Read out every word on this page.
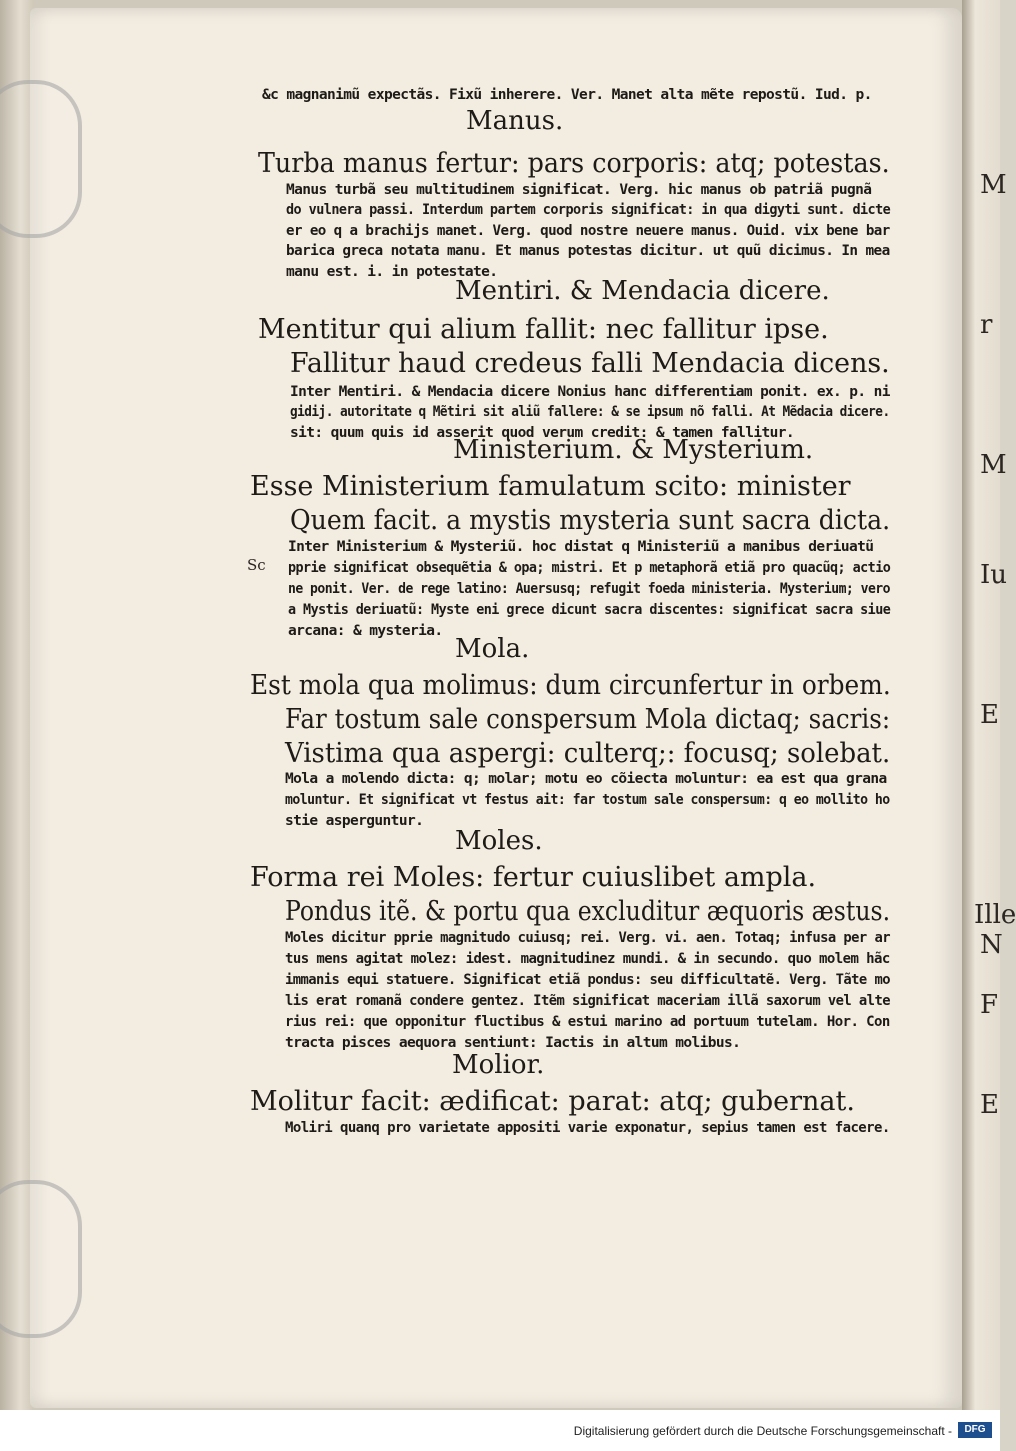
M
r
M
Iu
E
Ille
N
F
E
&c magnanimũ expectãs. Fixũ inherere. Ver. Manet alta mẽte repostũ. Iud. p.
Manus.
Turba manus fertur: pars corporis: atq; potestas.
Manus turbã seu multitudinem significat. Verg. hic manus ob patriã pugnã
do vulnera passi. Interdum partem corporis significat: in qua digyti sunt. dicte
er eo q a brachijs manet. Verg. quod nostre neuere manus. Ouid. vix bene bar
barica greca notata manu. Et manus potestas dicitur. ut quũ dicimus. In mea
manu est. i. in potestate.
Mentiri. & Mendacia dicere.
Mentitur qui alium fallit: nec fallitur ipse.
Fallitur haud credeus falli Mendacia dicens.
Inter Mentiri. & Mendacia dicere Nonius hanc differentiam ponit. ex. p. ni
gidij. autoritate q Mẽtiri sit aliũ fallere: & se ipsum nõ falli. At Mẽdacia dicere.
sit: quum quis id asserit quod verum credit: & tamen fallitur.
Ministerium. & Mysterium.
Esse Ministerium famulatum scito: minister
Quem facit. a mystis mysteria sunt sacra dicta.
Inter Ministerium & Mysteriũ. hoc distat q Ministeriũ a manibus deriuatũ
pprie significat obsequẽtia & opa; mistri. Et p metaphorã etiã pro quacũq; actio
ne ponit. Ver. de rege latino: Auersusq; refugit foeda ministeria. Mysterium; vero
a Mystis deriuatũ: Myste eni grece dicunt sacra discentes: significat sacra siue
arcana: & mysteria.
Mola.
Est mola qua molimus: dum circunfertur in orbem.
Far tostum sale conspersum Mola dictaq; sacris:
Vistima qua aspergi: culterq;: focusq; solebat.
Mola a molendo dicta: q; molar; motu eo cõiecta moluntur: ea est qua grana
moluntur. Et significat vt festus ait: far tostum sale conspersum: q eo mollito ho
stie asperguntur.
Moles.
Forma rei Moles: fertur cuiuslibet ampla.
Pondus itẽ. & portu qua excluditur æquoris æstus.
Moles dicitur pprie magnitudo cuiusq; rei. Verg. vi. aen. Totaq; infusa per ar
tus mens agitat molez: idest. magnitudinez mundi. & in secundo. quo molem hãc
immanis equi statuere. Significat etiã pondus: seu difficultatẽ. Verg. Tãte mo
lis erat romanã condere gentez. Itẽm significat maceriam illã saxorum vel alte
rius rei: que opponitur fluctibus & estui marino ad portuum tutelam. Hor. Con
tracta pisces aequora sentiunt: Iactis in altum molibus.
Molior.
Molitur facit: ædificat: parat: atq; gubernat.
Moliri quanq pro varietate appositi varie exponatur, sepius tamen est facere.
Sc
Digitalisierung gefördert durch die Deutsche Forschungsgemeinschaft -	DFG
